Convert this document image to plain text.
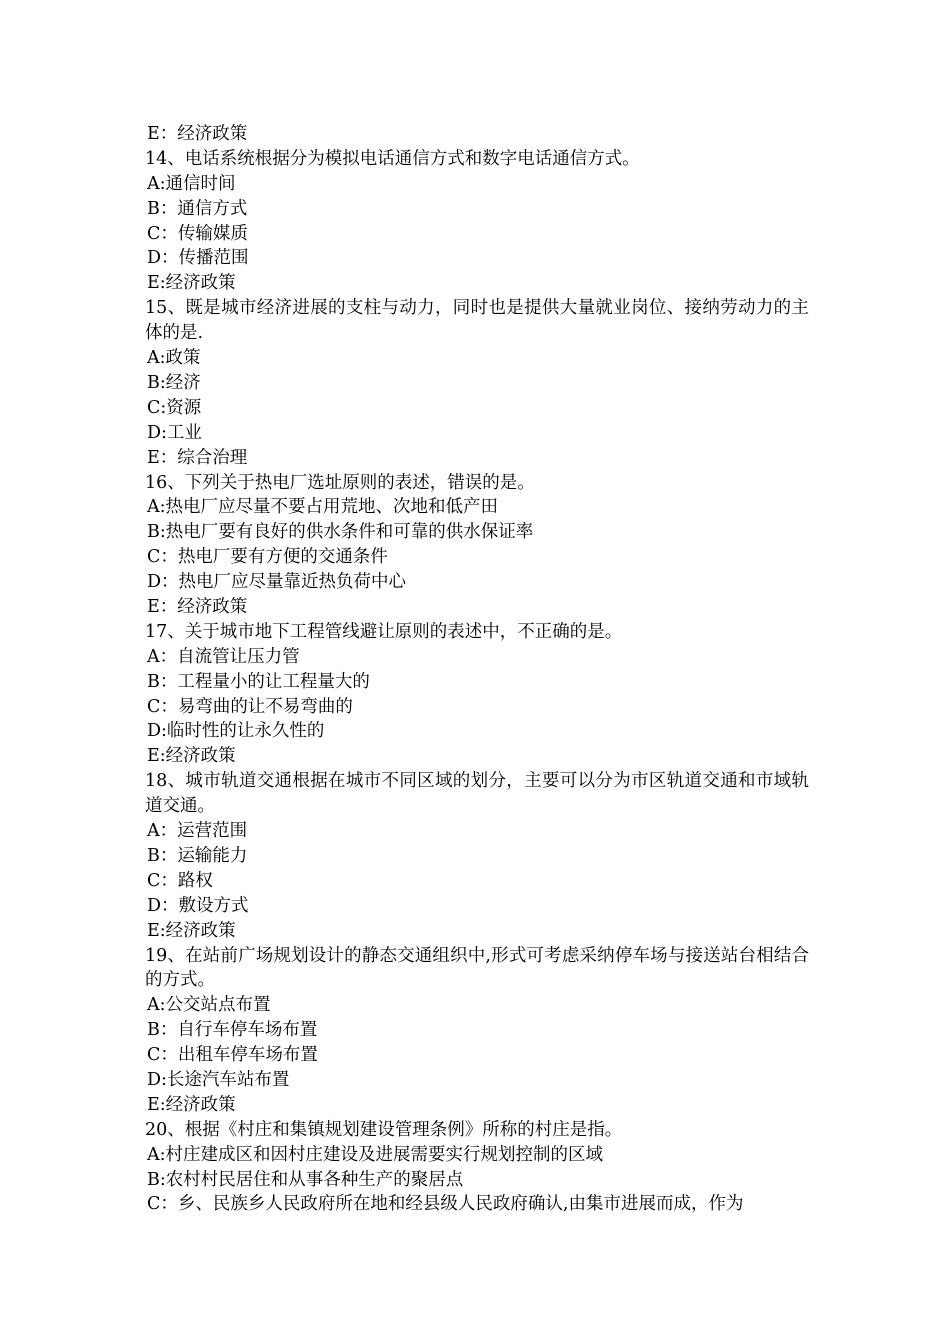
E：经济政策
14、电话系统根据分为模拟电话通信方式和数字电话通信方式。
A:通信时间
B：通信方式
C：传输媒质
D：传播范围
E:经济政策
15、既是城市经济进展的支柱与动力，同时也是提供大量就业岗位、接纳劳动力的主体的是.
A:政策
B:经济
C:资源
D:工业
E：综合治理
16、下列关于热电厂选址原则的表述，错误的是。
A:热电厂应尽量不要占用荒地、次地和低产田
B:热电厂要有良好的供水条件和可靠的供水保证率
C：热电厂要有方便的交通条件
D：热电厂应尽量靠近热负荷中心
E：经济政策
17、关于城市地下工程管线避让原则的表述中，不正确的是。
A：自流管让压力管
B：工程量小的让工程量大的
C：易弯曲的让不易弯曲的
D:临时性的让永久性的
E:经济政策
18、城市轨道交通根据在城市不同区域的划分，主要可以分为市区轨道交通和市域轨道交通。
A：运营范围
B：运输能力
C：路权
D：敷设方式
E:经济政策
19、在站前广场规划设计的静态交通组织中,形式可考虑采纳停车场与接送站台相结合的方式。
A:公交站点布置
B：自行车停车场布置
C：出租车停车场布置
D:长途汽车站布置
E:经济政策
20、根据《村庄和集镇规划建设管理条例》所称的村庄是指。
A:村庄建成区和因村庄建设及进展需要实行规划控制的区域
B:农村村民居住和从事各种生产的聚居点
C：乡、民族乡人民政府所在地和经县级人民政府确认,由集市进展而成，作为
